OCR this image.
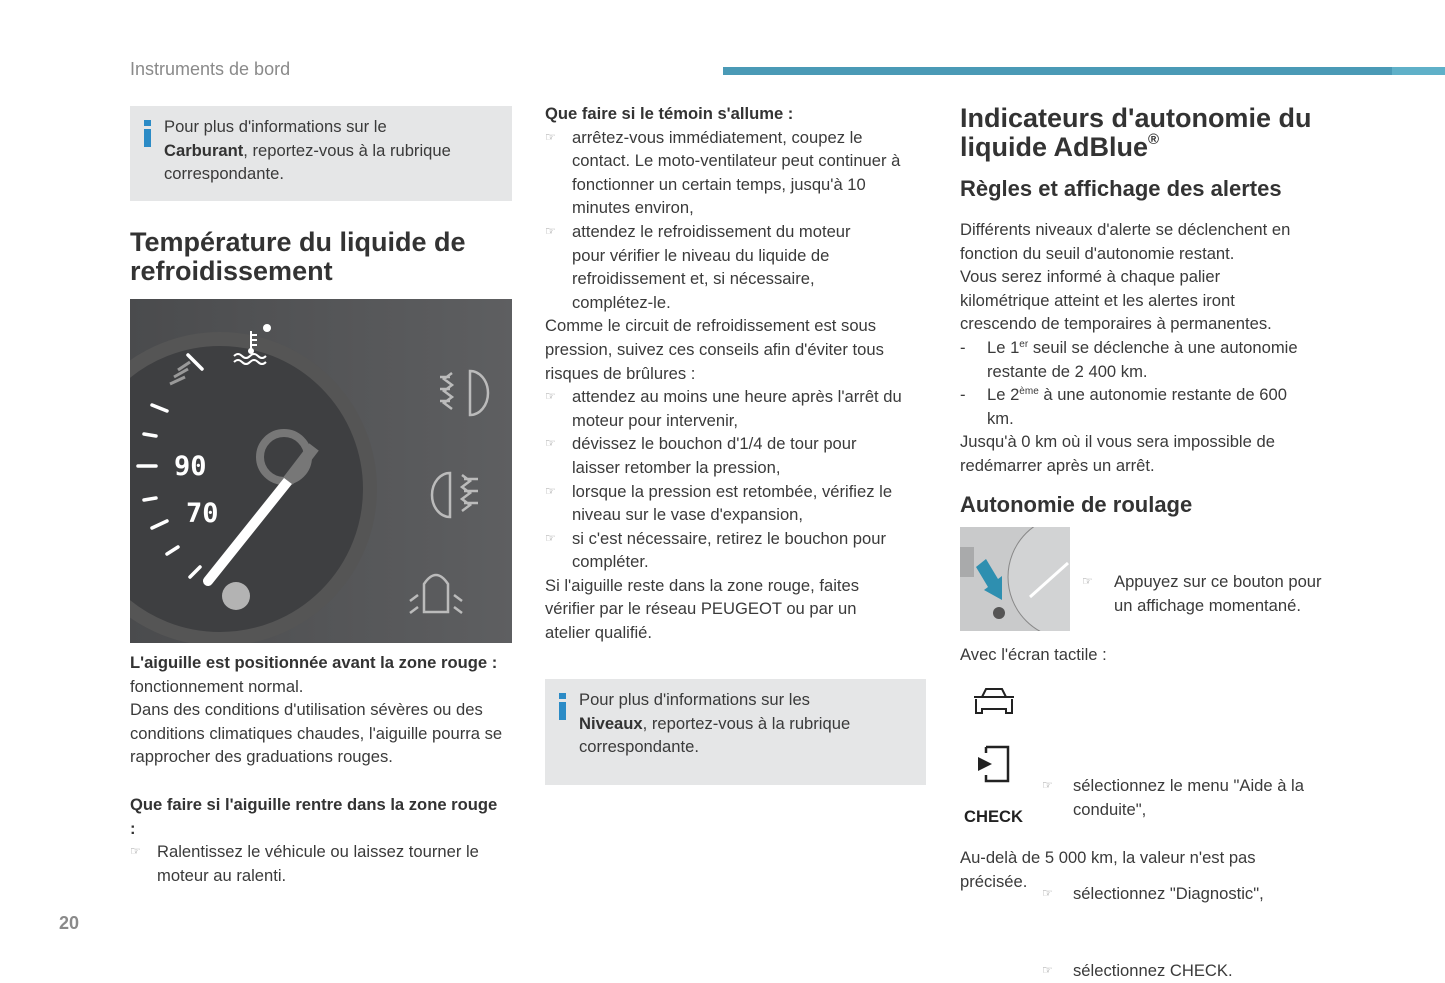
Instruments de bord
20
Pour plus d'informations sur le
Carburant, reportez-vous à la rubrique correspondante.
Température du liquide de refroidissement
90
70
L'aiguille est positionnée avant la zone rouge : fonctionnement normal.
Dans des conditions d'utilisation sévères ou des conditions climatiques chaudes, l'aiguille pourra se rapprocher des graduations rouges.
Que faire si l'aiguille rentre dans la zone rouge :
☞ Ralentissez le véhicule ou laissez tourner le moteur au ralenti.
Que faire si le témoin s'allume :
☞ arrêtez-vous immédiatement, coupez le contact. Le moto-ventilateur peut continuer à fonctionner un certain temps, jusqu'à 10 minutes environ,
☞ attendez le refroidissement du moteur pour vérifier le niveau du liquide de refroidissement et, si nécessaire, complétez-le.
Comme le circuit de refroidissement est sous pression, suivez ces conseils afin d'éviter tous risques de brûlures :
☞ attendez au moins une heure après l'arrêt du moteur pour intervenir,
☞ dévissez le bouchon d'1/4 de tour pour laisser retomber la pression,
☞ lorsque la pression est retombée, vérifiez le niveau sur le vase d'expansion,
☞ si c'est nécessaire, retirez le bouchon pour compléter.
Si l'aiguille reste dans la zone rouge, faites vérifier par le réseau PEUGEOT ou par un atelier qualifié.
Pour plus d'informations sur les
Niveaux, reportez-vous à la rubrique correspondante.
Indicateurs d'autonomie du liquide AdBlue®
Règles et affichage des alertes
Différents niveaux d'alerte se déclenchent en fonction du seuil d'autonomie restant.
Vous serez informé à chaque palier kilométrique atteint et les alertes iront crescendo de temporaires à permanentes.
- Le 1er seuil se déclenche à une autonomie restante de 2 400 km.
- Le 2ème à une autonomie restante de 600 km.
Jusqu'à 0 km où il vous sera impossible de redémarrer après un arrêt.
Autonomie de roulage
☞ Appuyez sur ce bouton pour un affichage momentané.
Avec l'écran tactile :
CHECK
☞ sélectionnez le menu "Aide à la conduite",
☞ sélectionnez "Diagnostic",
☞ sélectionnez CHECK.
Au-delà de 5 000 km, la valeur n'est pas précisée.
